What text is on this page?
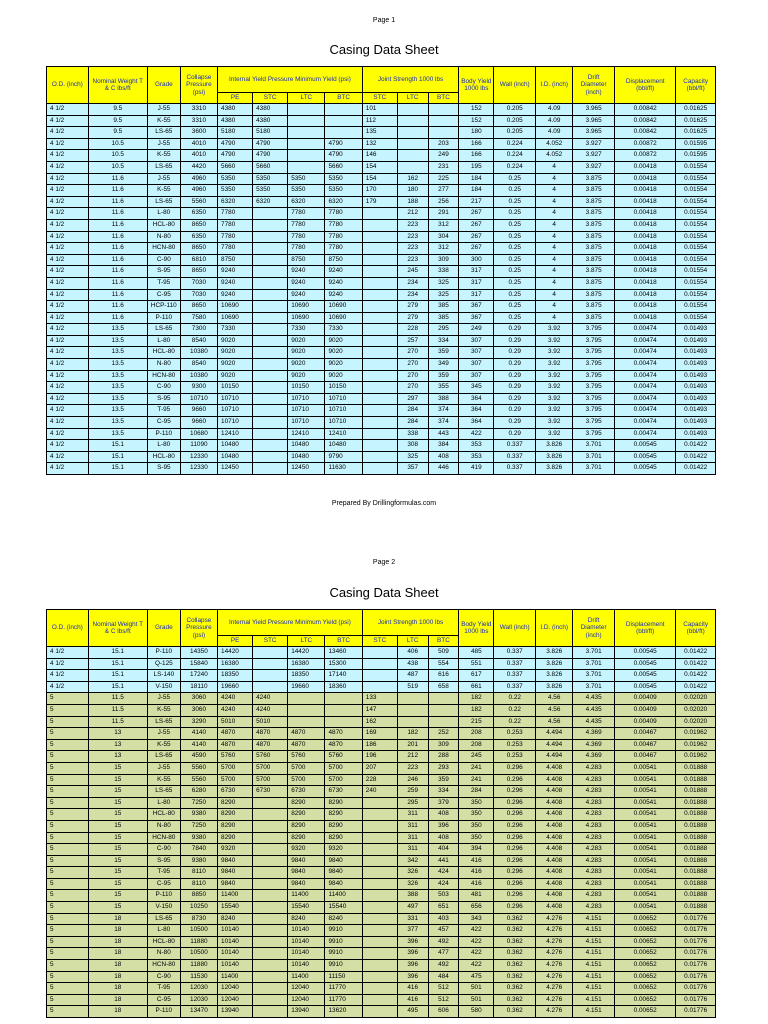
Page 1
Casing Data Sheet
O.D. (inch)	Nominal Weight T & C lbs/ft	Grade	Collapse Pressure (psi)	Internal Yield Pressure Minimum Yield (psi)				Joint Strength 1000 lbs			Body Yield 1000 lbs	Wall (inch)	I.D. (inch)	Drift Diameter (inch)	Displacement (bbl/ft)	Capacity (bbl/ft)
				PE	STC	LTC	BTC	STC	LTC	BTC						
4 1/2	9.5	J-55	3310	4380	4380			101			152	0.205	4.09	3.965	0.00842	0.01625
4 1/2	9.5	K-55	3310	4380	4380			112			152	0.205	4.09	3.965	0.00842	0.01625
4 1/2	9.5	LS-65	3600	5180	5180			135			180	0.205	4.09	3.965	0.00842	0.01625
4 1/2	10.5	J-55	4010	4790	4790		4790	132		203	166	0.224	4.052	3.927	0.00872	0.01595
4 1/2	10.5	K-55	4010	4790	4790		4790	146		249	166	0.224	4.052	3.927	0.00872	0.01595
4 1/2	10.5	LS-65	4420	5660	5660		5660	154		231	195	0.224	4	3.927	0.00418	0.01554
4 1/2	11.6	J-55	4960	5350	5350	5350	5350	154	162	225	184	0.25	4	3.875	0.00418	0.01554
4 1/2	11.6	K-55	4960	5350	5350	5350	5350	170	180	277	184	0.25	4	3.875	0.00418	0.01554
4 1/2	11.6	LS-65	5560	6320	6320	6320	6320	179	188	256	217	0.25	4	3.875	0.00418	0.01554
4 1/2	11.6	L-80	6350	7780		7780	7780		212	291	267	0.25	4	3.875	0.00418	0.01554
4 1/2	11.6	HCL-80	8650	7780		7780	7780		223	312	267	0.25	4	3.875	0.00418	0.01554
4 1/2	11.6	N-80	6350	7780		7780	7780		223	304	267	0.25	4	3.875	0.00418	0.01554
4 1/2	11.6	HCN-80	8650	7780		7780	7780		223	312	267	0.25	4	3.875	0.00418	0.01554
4 1/2	11.6	C-90	6810	8750		8750	8750		223	309	300	0.25	4	3.875	0.00418	0.01554
4 1/2	11.6	S-95	8650	9240		9240	9240		245	338	317	0.25	4	3.875	0.00418	0.01554
4 1/2	11.6	T-95	7030	9240		9240	9240		234	325	317	0.25	4	3.875	0.00418	0.01554
4 1/2	11.6	C-95	7030	9240		9240	9240		234	325	317	0.25	4	3.875	0.00418	0.01554
4 1/2	11.6	HCP-110	8650	10690		10690	10690		279	385	367	0.25	4	3.875	0.00418	0.01554
4 1/2	11.6	P-110	7580	10690		10690	10690		279	385	367	0.25	4	3.875	0.00418	0.01554
4 1/2	13.5	LS-65	7300	7330		7330	7330		228	295	249	0.29	3.92	3.795	0.00474	0.01493
4 1/2	13.5	L-80	8540	9020		9020	9020		257	334	307	0.29	3.92	3.795	0.00474	0.01493
4 1/2	13.5	HCL-80	10380	9020		9020	9020		270	359	307	0.29	3.92	3.795	0.00474	0.01493
4 1/2	13.5	N-80	8540	9020		9020	9020		270	349	307	0.29	3.92	3.795	0.00474	0.01493
4 1/2	13.5	HCN-80	10380	9020		9020	9020		270	359	307	0.29	3.92	3.795	0.00474	0.01493
4 1/2	13.5	C-90	9300	10150		10150	10150		270	355	345	0.29	3.92	3.795	0.00474	0.01493
4 1/2	13.5	S-95	10710	10710		10710	10710		297	388	364	0.29	3.92	3.795	0.00474	0.01493
4 1/2	13.5	T-95	9660	10710		10710	10710		284	374	364	0.29	3.92	3.795	0.00474	0.01493
4 1/2	13.5	C-95	9660	10710		10710	10710		284	374	364	0.29	3.92	3.795	0.00474	0.01493
4 1/2	13.5	P-110	10680	12410		12410	12410		338	443	422	0.29	3.92	3.795	0.00474	0.01493
4 1/2	15.1	L-80	11090	10480		10480	10480		308	384	353	0.337	3.826	3.701	0.00545	0.01422
4 1/2	15.1	HCL-80	12330	10480		10480	9790		325	408	353	0.337	3.826	3.701	0.00545	0.01422
4 1/2	15.1	S-95	12330	12450		12450	11630		357	446	419	0.337	3.826	3.701	0.00545	0.01422
Prepared By Drillingformulas.com
Page 2
Casing Data Sheet
O.D. (inch)	Nominal Weight T & C lbs/ft	Grade	Collapse Pressure (psi)	Internal Yield Pressure Minimum Yield (psi)				Joint Strength 1000 lbs			Body Yield 1000 lbs	Wall (inch)	I.D. (inch)	Drift Diameter (inch)	Displacement (bbl/ft)	Capacity (bbl/ft)
				PE	STC	LTC	BTC	STC	LTC	BTC						
4 1/2	15.1	P-110	14350	14420		14420	13460		406	509	485	0.337	3.826	3.701	0.00545	0.01422
4 1/2	15.1	Q-125	15840	16380		16380	15300		438	554	551	0.337	3.826	3.701	0.00545	0.01422
4 1/2	15.1	LS-140	17240	18350		18350	17140		487	616	617	0.337	3.826	3.701	0.00545	0.01422
4 1/2	15.1	V-150	18110	19660		19660	18360		519	658	661	0.337	3.826	3.701	0.00545	0.01422
5	11.5	J-55	3060	4240	4240			133			182	0.22	4.56	4.435	0.00409	0.02020
5	11.5	K-55	3060	4240	4240			147			182	0.22	4.56	4.435	0.00409	0.02020
5	11.5	LS-65	3290	5010	5010			162			215	0.22	4.56	4.435	0.00409	0.02020
5	13	J-55	4140	4870	4870	4870	4870	169	182	252	208	0.253	4.494	4.369	0.00467	0.01962
5	13	K-55	4140	4870	4870	4870	4870	186	201	309	208	0.253	4.494	4.369	0.00467	0.01962
5	13	LS-65	4590	5760	5760	5760	5760	196	212	288	245	0.253	4.494	4.369	0.00467	0.01962
5	15	J-55	5560	5700	5700	5700	5700	207	223	293	241	0.296	4.408	4.283	0.00541	0.01888
5	15	K-55	5560	5700	5700	5700	5700	228	246	359	241	0.296	4.408	4.283	0.00541	0.01888
5	15	LS-65	6280	6730	6730	6730	6730	240	259	334	284	0.296	4.408	4.283	0.00541	0.01888
5	15	L-80	7250	8290		8290	8290		295	379	350	0.296	4.408	4.283	0.00541	0.01888
5	15	HCL-80	9380	8290		8290	8290		311	408	350	0.296	4.408	4.283	0.00541	0.01888
5	15	N-80	7250	8290		8290	8290		311	396	350	0.296	4.408	4.283	0.00541	0.01888
5	15	HCN-80	9380	8290		8290	8290		311	408	350	0.296	4.408	4.283	0.00541	0.01888
5	15	C-90	7840	9320		9320	9320		311	404	394	0.296	4.408	4.283	0.00541	0.01888
5	15	S-95	9380	9840		9840	9840		342	441	416	0.296	4.408	4.283	0.00541	0.01888
5	15	T-95	8110	9840		9840	9840		326	424	416	0.296	4.408	4.283	0.00541	0.01888
5	15	C-95	8110	9840		9840	9840		326	424	416	0.296	4.408	4.283	0.00541	0.01888
5	15	P-110	8850	11400		11400	11400		388	503	481	0.296	4.408	4.283	0.00541	0.01888
5	15	V-150	10250	15540		15540	15540		497	651	656	0.296	4.408	4.283	0.00541	0.01888
5	18	LS-65	8730	8240		8240	8240		331	403	343	0.362	4.276	4.151	0.00652	0.01776
5	18	L-80	10500	10140		10140	9910		377	457	422	0.362	4.276	4.151	0.00652	0.01776
5	18	HCL-80	11880	10140		10140	9910		396	492	422	0.362	4.276	4.151	0.00652	0.01776
5	18	N-80	10500	10140		10140	9910		396	477	422	0.362	4.276	4.151	0.00652	0.01776
5	18	HCN-80	11880	10140		10140	9910		396	492	422	0.362	4.276	4.151	0.00652	0.01776
5	18	C-90	11530	11400		11400	11150		396	484	475	0.362	4.276	4.151	0.00652	0.01776
5	18	T-95	12030	12040		12040	11770		416	512	501	0.362	4.276	4.151	0.00652	0.01776
5	18	C-95	12030	12040		12040	11770		416	512	501	0.362	4.276	4.151	0.00652	0.01776
5	18	P-110	13470	13940		13940	13620		495	606	580	0.362	4.276	4.151	0.00652	0.01776
